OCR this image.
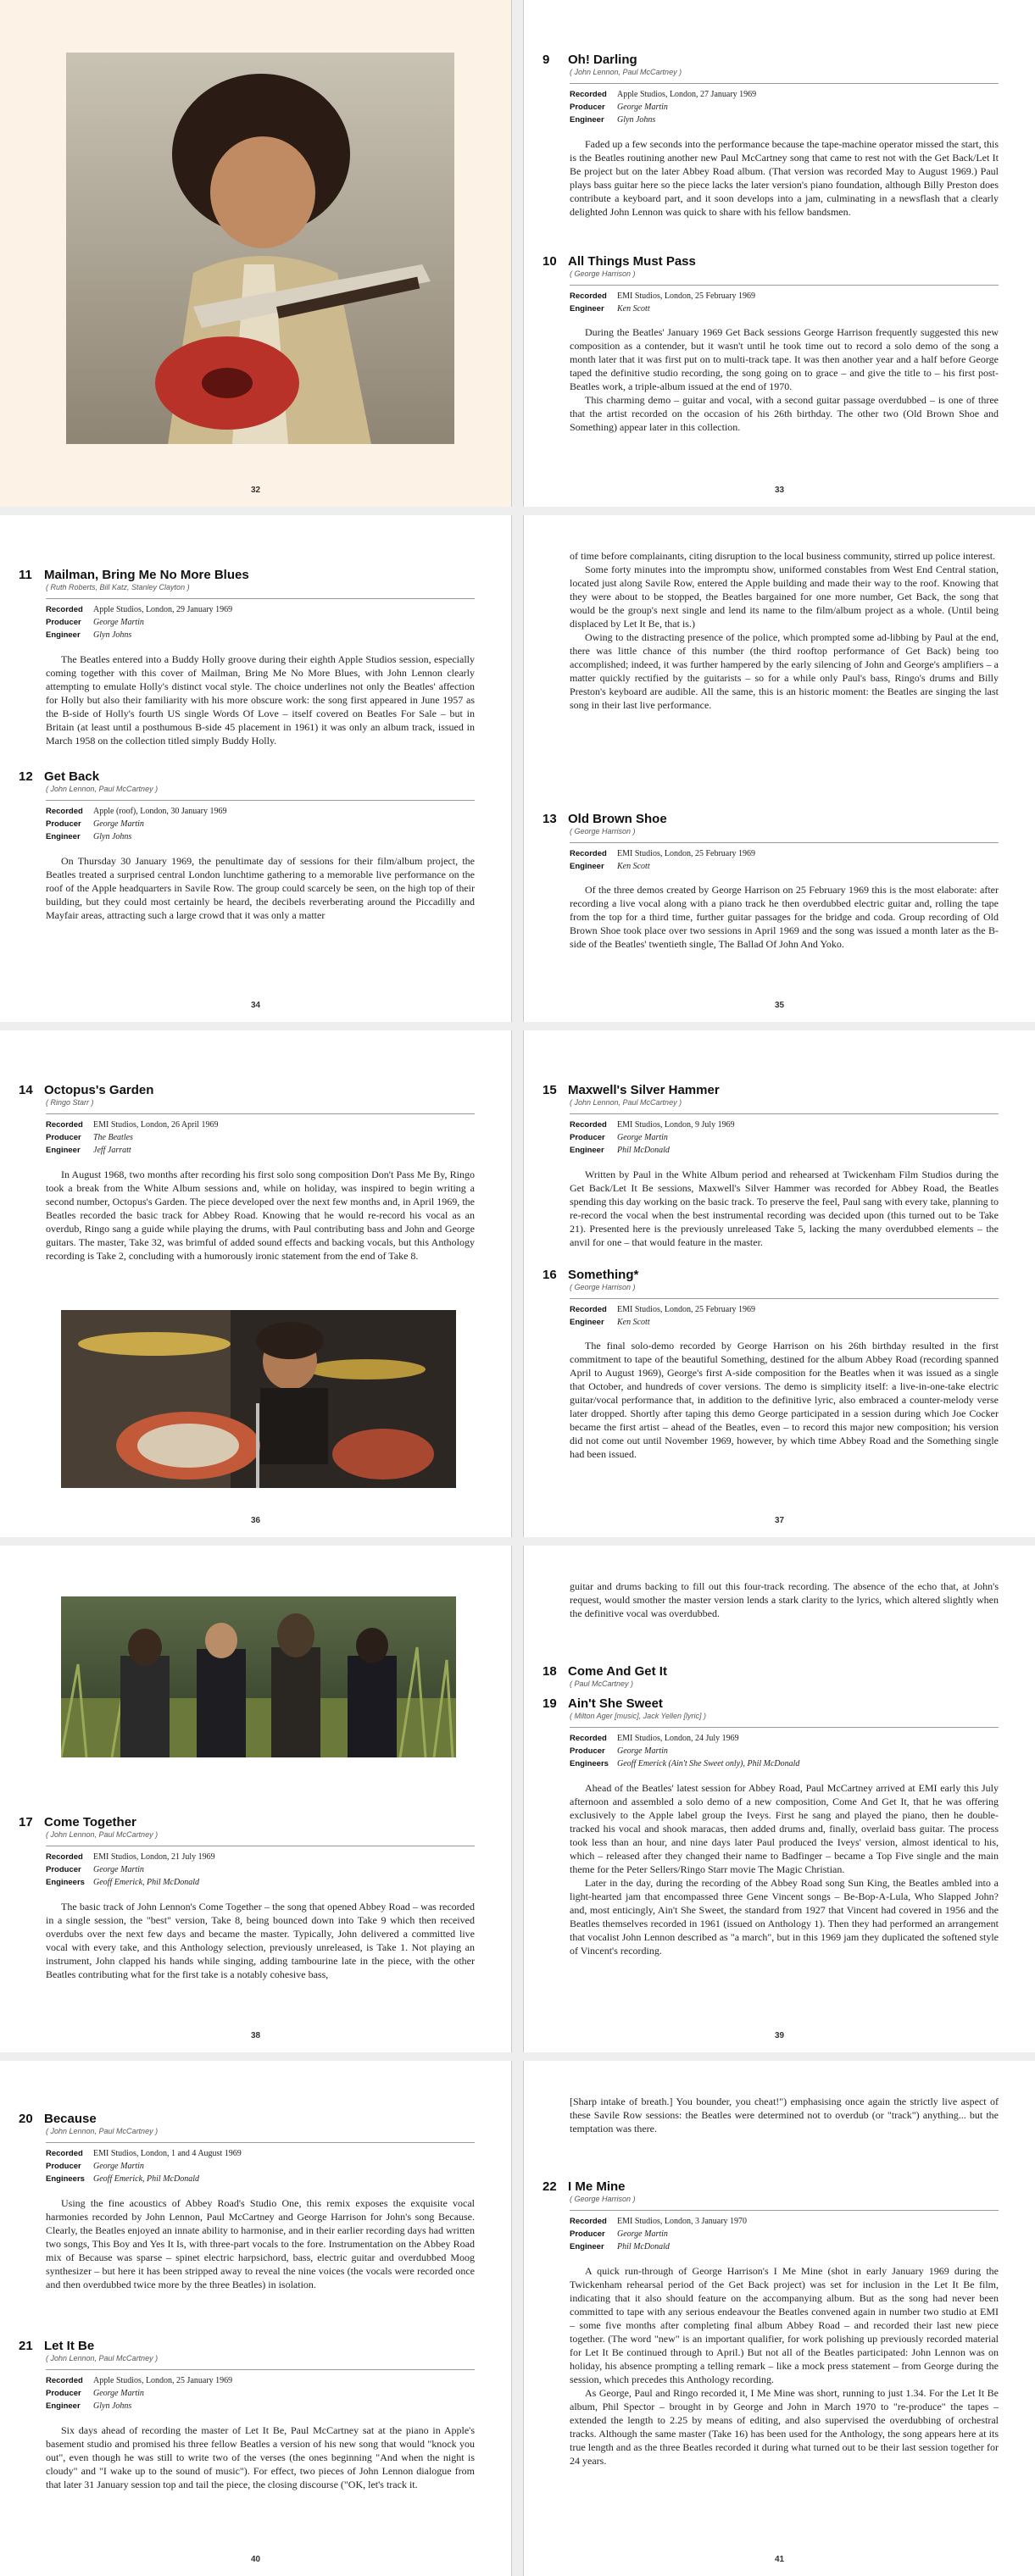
32
9 Oh! Darling
( John Lennon, Paul McCartney )
Recorded Apple Studios, London, 27 January 1969
Producer George Martin
Engineer Glyn Johns

Faded up a few seconds into the performance because the tape-machine operator missed the start, this is the Beatles routining another new Paul McCartney song that came to rest not with the Get Back/Let It Be project but on the later Abbey Road album. (That version was recorded May to August 1969.) Paul plays bass guitar here so the piece lacks the later version's piano foundation, although Billy Preston does contribute a keyboard part, and it soon develops into a jam, culminating in a newsflash that a clearly delighted John Lennon was quick to share with his fellow bandsmen.

10 All Things Must Pass
( George Harrison )
Recorded EMI Studios, London, 25 February 1969
Engineer Ken Scott

During the Beatles' January 1969 Get Back sessions George Harrison frequently suggested this new composition as a contender, but it wasn't until he took time out to record a solo demo of the song a month later that it was first put on to multi-track tape. It was then another year and a half before George taped the definitive studio recording, the song going on to grace – and give the title to – his first post-Beatles work, a triple-album issued at the end of 1970.

This charming demo – guitar and vocal, with a second guitar passage overdubbed – is one of three that the artist recorded on the occasion of his 26th birthday. The other two (Old Brown Shoe and Something) appear later in this collection.

33
11 Mailman, Bring Me No More Blues
( Ruth Roberts, Bill Katz, Stanley Clayton )
Recorded Apple Studios, London, 29 January 1969
Producer George Martin
Engineer Glyn Johns

The Beatles entered into a Buddy Holly groove during their eighth Apple Studios session, especially coming together with this cover of Mailman, Bring Me No More Blues, with John Lennon clearly attempting to emulate Holly's distinct vocal style. The choice underlines not only the Beatles' affection for Holly but also their familiarity with his more obscure work: the song first appeared in June 1957 as the B-side of Holly's fourth US single Words Of Love – itself covered on Beatles For Sale – but in Britain (at least until a posthumous B-side 45 placement in 1961) it was only an album track, issued in March 1958 on the collection titled simply Buddy Holly.

12 Get Back
( John Lennon, Paul McCartney )
Recorded Apple (roof), London, 30 January 1969
Producer George Martin
Engineer Glyn Johns

On Thursday 30 January 1969, the penultimate day of sessions for their film/album project, the Beatles treated a surprised central London lunchtime gathering to a memorable live performance on the roof of the Apple headquarters in Savile Row. The group could scarcely be seen, on the high top of their building, but they could most certainly be heard, the decibels reverberating around the Piccadilly and Mayfair areas, attracting such a large crowd that it was only a matter

34

of time before complainants, citing disruption to the local business community, stirred up police interest.

Some forty minutes into the impromptu show, uniformed constables from West End Central station, located just along Savile Row, entered the Apple building and made their way to the roof. Knowing that they were about to be stopped, the Beatles bargained for one more number, Get Back, the song that would be the group's next single and lend its name to the film/album project as a whole. (Until being displaced by Let It Be, that is.)

Owing to the distracting presence of the police, which prompted some ad-libbing by Paul at the end, there was little chance of this number (the third rooftop performance of Get Back) being too accomplished; indeed, it was further hampered by the early silencing of John and George's amplifiers – a matter quickly rectified by the guitarists – so for a while only Paul's bass, Ringo's drums and Billy Preston's keyboard are audible. All the same, this is an historic moment: the Beatles are singing the last song in their last live performance.

13 Old Brown Shoe
( George Harrison )
Recorded EMI Studios, London, 25 February 1969
Engineer Ken Scott

Of the three demos created by George Harrison on 25 February 1969 this is the most elaborate: after recording a live vocal along with a piano track he then overdubbed electric guitar and, rolling the tape from the top for a third time, further guitar passages for the bridge and coda. Group recording of Old Brown Shoe took place over two sessions in April 1969 and the song was issued a month later as the B-side of the Beatles' twentieth single, The Ballad Of John And Yoko.

35
14 Octopus's Garden
( Ringo Starr )
Recorded EMI Studios, London, 26 April 1969
Producer The Beatles
Engineer Jeff Jarratt

In August 1968, two months after recording his first solo song composition Don't Pass Me By, Ringo took a break from the White Album sessions and, while on holiday, was inspired to begin writing a second number, Octopus's Garden. The piece developed over the next few months and, in April 1969, the Beatles recorded the basic track for Abbey Road. Knowing that he would re-record his vocal as an overdub, Ringo sang a guide while playing the drums, with Paul contributing bass and John and George guitars. The master, Take 32, was brimful of added sound effects and backing vocals, but this Anthology recording is Take 2, concluding with a humorously ironic statement from the end of Take 8.

36
15 Maxwell's Silver Hammer
( John Lennon, Paul McCartney )
Recorded EMI Studios, London, 9 July 1969
Producer George Martin
Engineer Phil McDonald

Written by Paul in the White Album period and rehearsed at Twickenham Film Studios during the Get Back/Let It Be sessions, Maxwell's Silver Hammer was recorded for Abbey Road, the Beatles spending this day working on the basic track. To preserve the feel, Paul sang with every take, planning to re-record the vocal when the best instrumental recording was decided upon (this turned out to be Take 21). Presented here is the previously unreleased Take 5, lacking the many overdubbed elements – the anvil for one – that would feature in the master.

16 Something*
( George Harrison )
Recorded EMI Studios, London, 25 February 1969
Engineer Ken Scott

The final solo-demo recorded by George Harrison on his 26th birthday resulted in the first commitment to tape of the beautiful Something, destined for the album Abbey Road (recording spanned April to August 1969), George's first A-side composition for the Beatles when it was issued as a single that October, and hundreds of cover versions. The demo is simplicity itself: a live-in-one-take electric guitar/vocal performance that, in addition to the definitive lyric, also embraced a counter-melody verse later dropped. Shortly after taping this demo George participated in a session during which Joe Cocker became the first artist – ahead of the Beatles, even – to record this major new composition; his version did not come out until November 1969, however, by which time Abbey Road and the Something single had been issued.

37
17 Come Together
( John Lennon, Paul McCartney )
Recorded EMI Studios, London, 21 July 1969
Producer George Martin
Engineers Geoff Emerick, Phil McDonald

The basic track of John Lennon's Come Together – the song that opened Abbey Road – was recorded in a single session, the "best" version, Take 8, being bounced down into Take 9 which then received overdubs over the next few days and became the master. Typically, John delivered a committed live vocal with every take, and this Anthology selection, previously unreleased, is Take 1. Not playing an instrument, John clapped his hands while singing, adding tambourine late in the piece, with the other Beatles contributing what for the first take is a notably cohesive bass,

38

guitar and drums backing to fill out this four-track recording. The absence of the echo that, at John's request, would smother the master version lends a stark clarity to the lyrics, which altered slightly when the definitive vocal was overdubbed.

18 Come And Get It
( Paul McCartney )
19 Ain't She Sweet
( Milton Ager [music], Jack Yellen [lyric] )
Recorded EMI Studios, London, 24 July 1969
Producer George Martin
Engineers Geoff Emerick (Ain't She Sweet only), Phil McDonald

Ahead of the Beatles' latest session for Abbey Road, Paul McCartney arrived at EMI early this July afternoon and assembled a solo demo of a new composition, Come And Get It, that he was offering exclusively to the Apple label group the Iveys. First he sang and played the piano, then he double-tracked his vocal and shook maracas, then added drums and, finally, overlaid bass guitar. The process took less than an hour, and nine days later Paul produced the Iveys' version, almost identical to his, which – released after they changed their name to Badfinger – became a Top Five single and the main theme for the Peter Sellers/Ringo Starr movie The Magic Christian.

Later in the day, during the recording of the Abbey Road song Sun King, the Beatles ambled into a light-hearted jam that encompassed three Gene Vincent songs – Be-Bop-A-Lula, Who Slapped John? and, most enticingly, Ain't She Sweet, the standard from 1927 that Vincent had covered in 1956 and the Beatles themselves recorded in 1961 (issued on Anthology 1). Then they had performed an arrangement that vocalist John Lennon described as "a march", but in this 1969 jam they duplicated the softened style of Vincent's recording.

39
20 Because
( John Lennon, Paul McCartney )
Recorded EMI Studios, London, 1 and 4 August 1969
Producer George Martin
Engineers Geoff Emerick, Phil McDonald

Using the fine acoustics of Abbey Road's Studio One, this remix exposes the exquisite vocal harmonies recorded by John Lennon, Paul McCartney and George Harrison for John's song Because. Clearly, the Beatles enjoyed an innate ability to harmonise, and in their earlier recording days had written two songs, This Boy and Yes It Is, with three-part vocals to the fore. Instrumentation on the Abbey Road mix of Because was sparse – spinet electric harpsichord, bass, electric guitar and overdubbed Moog synthesizer – but here it has been stripped away to reveal the nine voices (the vocals were recorded once and then overdubbed twice more by the three Beatles) in isolation.

21 Let It Be
( John Lennon, Paul McCartney )
Recorded Apple Studios, London, 25 January 1969
Producer George Martin
Engineer Glyn Johns

Six days ahead of recording the master of Let It Be, Paul McCartney sat at the piano in Apple's basement studio and promised his three fellow Beatles a version of his new song that would "knock you out", even though he was still to write two of the verses (the ones beginning "And when the night is cloudy" and "I wake up to the sound of music"). For effect, two pieces of John Lennon dialogue from that later 31 January session top and tail the piece, the closing discourse ("OK, let's track it.

40

[Sharp intake of breath.] You bounder, you cheat!") emphasising once again the strictly live aspect of these Savile Row sessions: the Beatles were determined not to overdub (or "track") anything... but the temptation was there.

22 I Me Mine
( George Harrison )
Recorded EMI Studios, London, 3 January 1970
Producer George Martin
Engineer Phil McDonald

A quick run-through of George Harrison's I Me Mine (shot in early January 1969 during the Twickenham rehearsal period of the Get Back project) was set for inclusion in the Let It Be film, indicating that it also should feature on the accompanying album. But as the song had never been committed to tape with any serious endeavour the Beatles convened again in number two studio at EMI – some five months after completing final album Abbey Road – and recorded their last new piece together. (The word "new" is an important qualifier, for work polishing up previously recorded material for Let It Be continued through to April.) But not all of the Beatles participated: John Lennon was on holiday, his absence prompting a telling remark – like a mock press statement – from George during the session, which precedes this Anthology recording.

As George, Paul and Ringo recorded it, I Me Mine was short, running to just 1.34. For the Let It Be album, Phil Spector – brought in by George and John in March 1970 to "re-produce" the tapes – extended the length to 2.25 by means of editing, and also supervised the overdubbing of orchestral tracks. Although the same master (Take 16) has been used for the Anthology, the song appears here at its true length and as the three Beatles recorded it during what turned out to be their last session together for 24 years.

41
